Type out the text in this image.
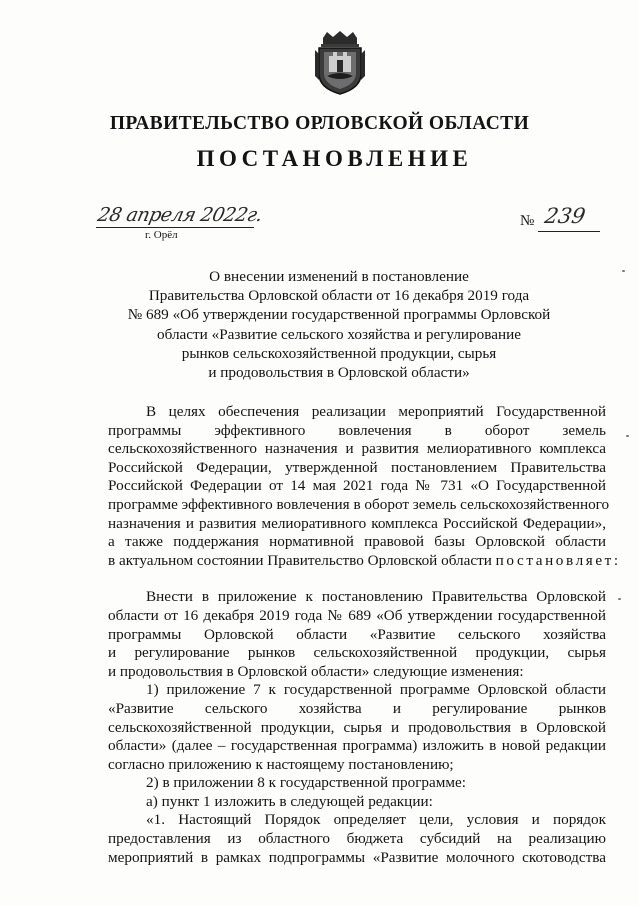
ПРАВИТЕЛЬСТВО ОРЛОВСКОЙ ОБЛАСТИ
ПОСТАНОВЛЕНИЕ
28 апреля 2022г.
г. Орёл
№ 239
О внесении изменений в постановление
Правительства Орловской области от 16 декабря 2019 года
№ 689 «Об утверждении государственной программы Орловской
области «Развитие сельского хозяйства и регулирование
рынков сельскохозяйственной продукции, сырья
и продовольствия в Орловской области»
В целях обеспечения реализации мероприятий Государственной
программы эффективного вовлечения в оборот земель
сельскохозяйственного назначения и развития мелиоративного комплекса
Российской Федерации, утвержденной постановлением Правительства
Российской Федерации от 14 мая 2021 года № 731 «О Государственной
программе эффективного вовлечения в оборот земель сельскохозяйственного
назначения и развития мелиоративного комплекса Российской Федерации»,
а также поддержания нормативной правовой базы Орловской области
в актуальном состоянии Правительство Орловской области постановляет:
Внести в приложение к постановлению Правительства Орловской
области от 16 декабря 2019 года № 689 «Об утверждении государственной
программы Орловской области «Развитие сельского хозяйства
и регулирование рынков сельскохозяйственной продукции, сырья
и продовольствия в Орловской области» следующие изменения:
1) приложение 7 к государственной программе Орловской области
«Развитие сельского хозяйства и регулирование рынков
сельскохозяйственной продукции, сырья и продовольствия в Орловской
области» (далее – государственная программа) изложить в новой редакции
согласно приложению к настоящему постановлению;
2) в приложении 8 к государственной программе:
а) пункт 1 изложить в следующей редакции:
«1. Настоящий Порядок определяет цели, условия и порядок
предоставления из областного бюджета субсидий на реализацию
мероприятий в рамках подпрограммы «Развитие молочного скотоводства
